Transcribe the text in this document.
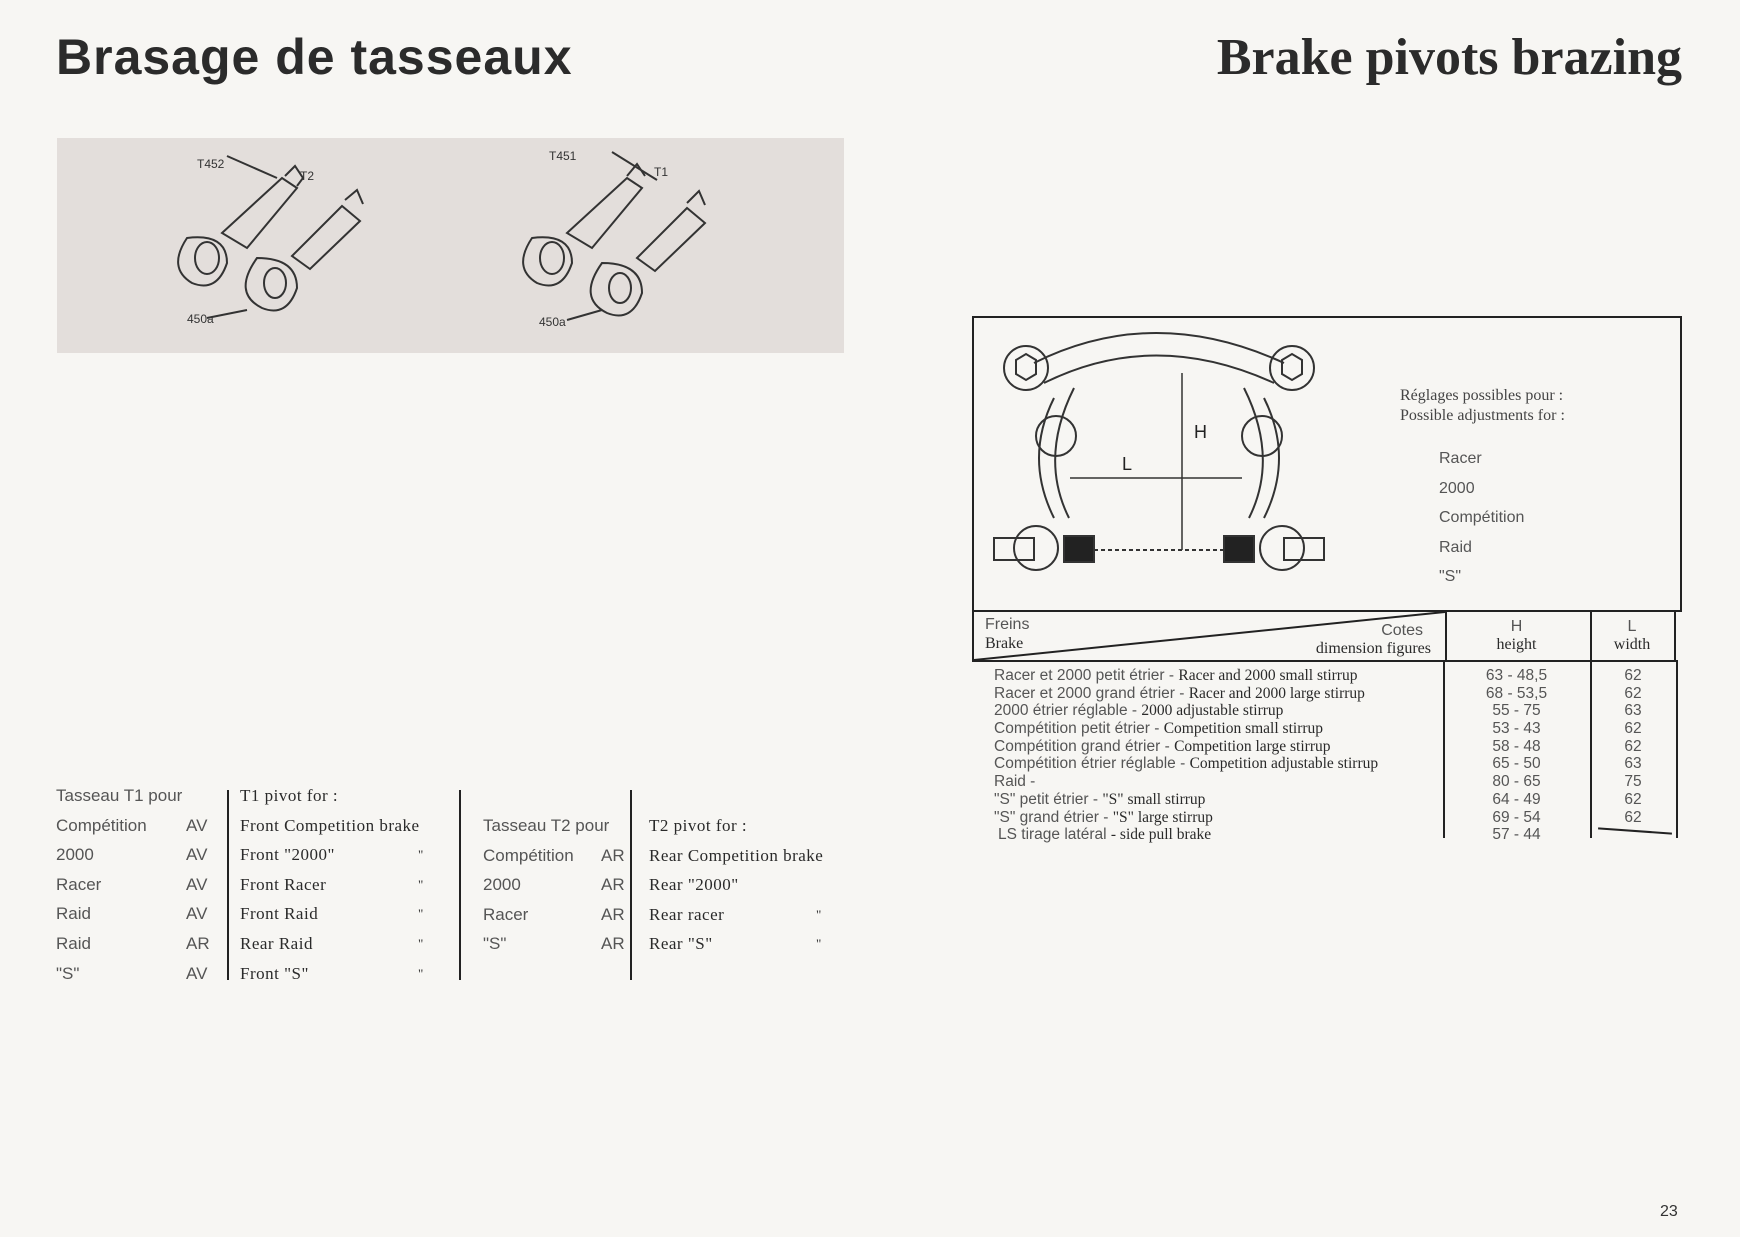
Brasage de tasseaux	Brake pivots brazing
T452
T2
450a
T451
T1
450a
Tasseau T1 pour
Compétition
2000
Racer
Raid
Raid
"S"
AV
AV
AV
AV
AR
AV
T1 pivot for :
Front Competition brake
Front "2000"
Front Racer
Front Raid
Rear Raid
Front "S"
"
"
"
"
"
Tasseau T2 pour
Compétition
2000
Racer
"S"
AR
AR
AR
AR
T2 pivot for :
Rear Competition brake
Rear "2000"
Rear racer
Rear "S"
"
"
L
H
Réglages possibles pour :
Possible adjustments for :
Racer
2000
Compétition
Raid
"S"
Freins
Brake
Cotes
dimension figures
H
height
L
width
Racer et 2000 petit étrier - Racer and 2000 small stirrup
Racer et 2000 grand étrier - Racer and 2000 large stirrup
2000 étrier réglable - 2000 adjustable stirrup
Compétition petit étrier - Competition small stirrup
Compétition grand étrier - Competition large stirrup
Compétition étrier réglable - Competition adjustable stirrup
Raid -
"S" petit étrier - "S" small stirrup
"S" grand étrier - "S" large stirrup
LS tirage latéral - side pull brake
63 - 48,5
68 - 53,5
55 - 75
53 - 43
58 - 48
65 - 50
80 - 65
64 - 49
69 - 54
57 - 44
62
62
63
62
62
63
75
62
62
23
